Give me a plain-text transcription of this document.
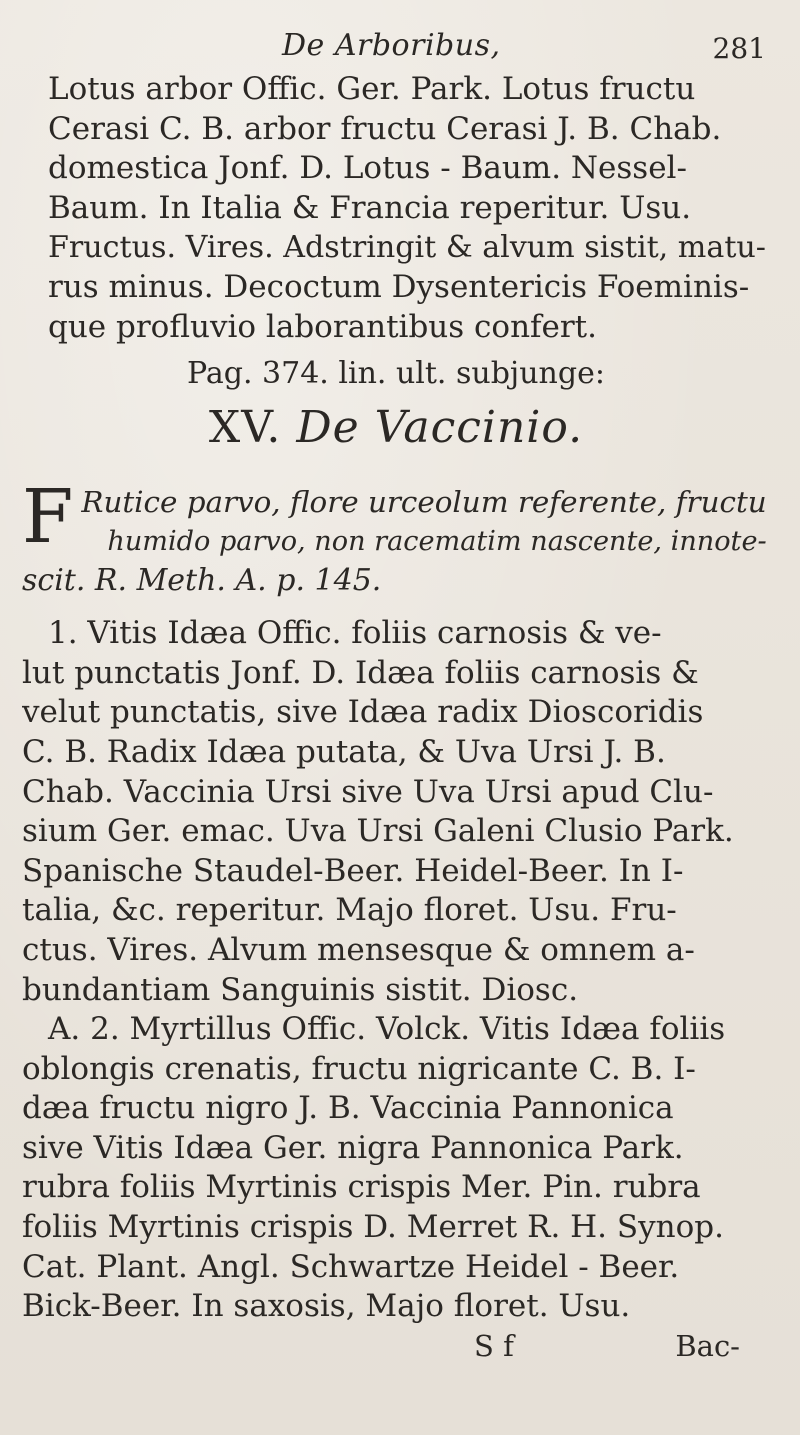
De Arboribus,	281
Lotus arbor Offic. Ger. Park. Lotus fructu
Cerasi C. B. arbor fructu Cerasi J. B. Chab.
domestica Jonf. D. Lotus - Baum. Nessel-
Baum. In Italia & Francia reperitur. Usu.
Fructus. Vires. Adstringit & alvum sistit, matu-
rus minus. Decoctum Dysentericis Foeminis-
que profluvio laborantibus confert.

Pag. 374. lin. ult. subjunge:

XV. De Vaccinio.
F Rutice parvo, flore urceolum referente, fructu
humido parvo, non racematim nascente, innote-
scit. R. Meth. A. p. 145.
1. Vitis Idæa Offic. foliis carnosis & ve-
lut punctatis Jonf. D. Idæa foliis carnosis &
velut punctatis, sive Idæa radix Dioscoridis
C. B. Radix Idæa putata, & Uva Ursi J. B.
Chab. Vaccinia Ursi sive Uva Ursi apud Clu-
sium Ger. emac. Uva Ursi Galeni Clusio Park.
Spanische Staudel-Beer. Heidel-Beer. In I-
talia, &c. reperitur. Majo floret. Usu. Fru-
ctus. Vires. Alvum mensesque & omnem a-
bundantiam Sanguinis sistit. Diosc.
A. 2. Myrtillus Offic. Volck. Vitis Idæa foliis
oblongis crenatis, fructu nigricante C. B. I-
dæa fructu nigro J. B. Vaccinia Pannonica
sive Vitis Idæa Ger. nigra Pannonica Park.
rubra foliis Myrtinis crispis Mer. Pin. rubra
foliis Myrtinis crispis D. Merret R. H. Synop.
Cat. Plant. Angl. Schwartze Heidel - Beer.
Bick-Beer. In saxosis, Majo floret. Usu.
S f	Bac-
